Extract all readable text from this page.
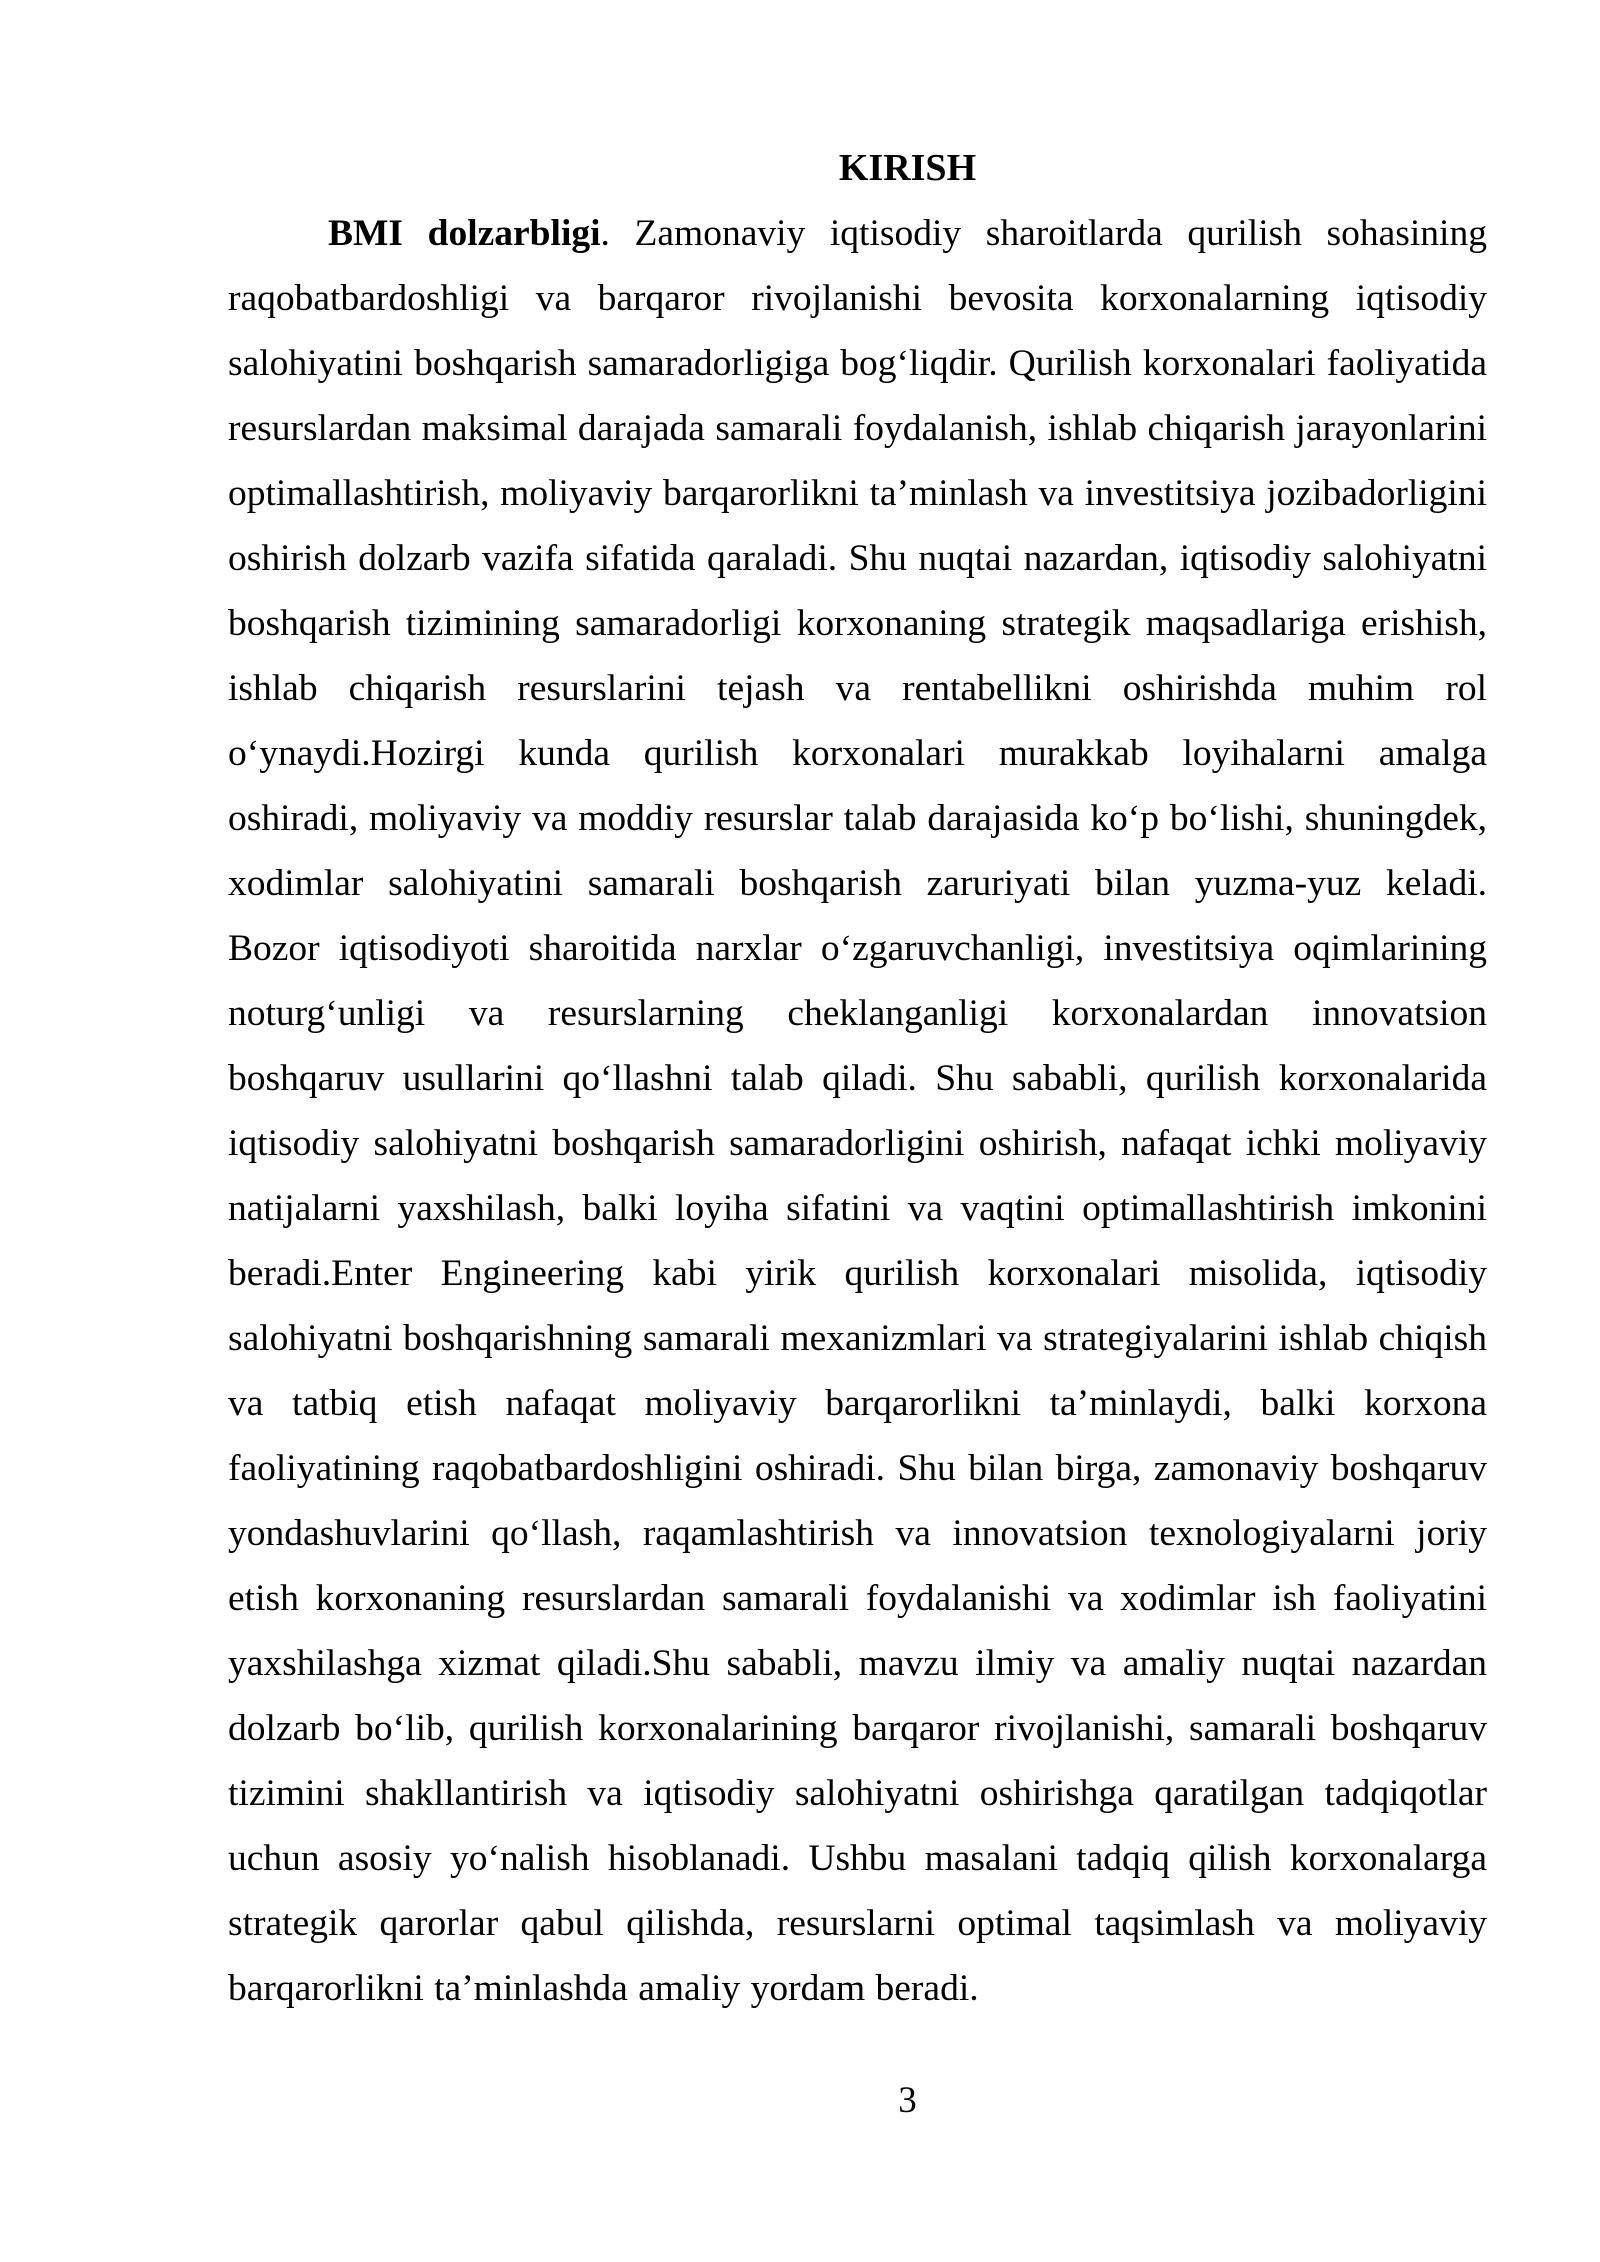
KIRISH

BMI dolzarbligi. Zamonaviy iqtisodiy sharoitlarda qurilish sohasining raqobatbardoshligi va barqaror rivojlanishi bevosita korxonalarning iqtisodiy salohiyatini boshqarish samaradorligiga bog‘liqdir. Qurilish korxonalari faoliyatida resurslardan maksimal darajada samarali foydalanish, ishlab chiqarish jarayonlarini optimallashtirish, moliyaviy barqarorlikni ta’minlash va investitsiya jozibadorligini oshirish dolzarb vazifa sifatida qaraladi. Shu nuqtai nazardan, iqtisodiy salohiyatni boshqarish tizimining samaradorligi korxonaning strategik maqsadlariga erishish, ishlab chiqarish resurslarini tejash va rentabellikni oshirishda muhim rol o‘ynaydi.Hozirgi kunda qurilish korxonalari murakkab loyihalarni amalga oshiradi, moliyaviy va moddiy resurslar talab darajasida ko‘p bo‘lishi, shuningdek, xodimlar salohiyatini samarali boshqarish zaruriyati bilan yuzma-yuz keladi. Bozor iqtisodiyoti sharoitida narxlar o‘zgaruvchanligi, investitsiya oqimlarining noturg‘unligi va resurslarning cheklanganligi korxonalardan innovatsion boshqaruv usullarini qo‘llashni talab qiladi. Shu sababli, qurilish korxonalarida iqtisodiy salohiyatni boshqarish samaradorligini oshirish, nafaqat ichki moliyaviy natijalarni yaxshilash, balki loyiha sifatini va vaqtini optimallashtirish imkonini beradi.Enter Engineering kabi yirik qurilish korxonalari misolida, iqtisodiy salohiyatni boshqarishning samarali mexanizmlari va strategiyalarini ishlab chiqish va tatbiq etish nafaqat moliyaviy barqarorlikni ta’minlaydi, balki korxona faoliyatining raqobatbardoshligini oshiradi. Shu bilan birga, zamonaviy boshqaruv yondashuvlarini qo‘llash, raqamlashtirish va innovatsion texnologiyalarni joriy etish korxonaning resurslardan samarali foydalanishi va xodimlar ish faoliyatini yaxshilashga xizmat qiladi.Shu sababli, mavzu ilmiy va amaliy nuqtai nazardan dolzarb bo‘lib, qurilish korxonalarining barqaror rivojlanishi, samarali boshqaruv tizimini shakllantirish va iqtisodiy salohiyatni oshirishga qaratilgan tadqiqotlar uchun asosiy yo‘nalish hisoblanadi. Ushbu masalani tadqiq qilish korxonalarga strategik qarorlar qabul qilishda, resurslarni optimal taqsimlash va moliyaviy barqarorlikni ta’minlashda amaliy yordam beradi.

3
